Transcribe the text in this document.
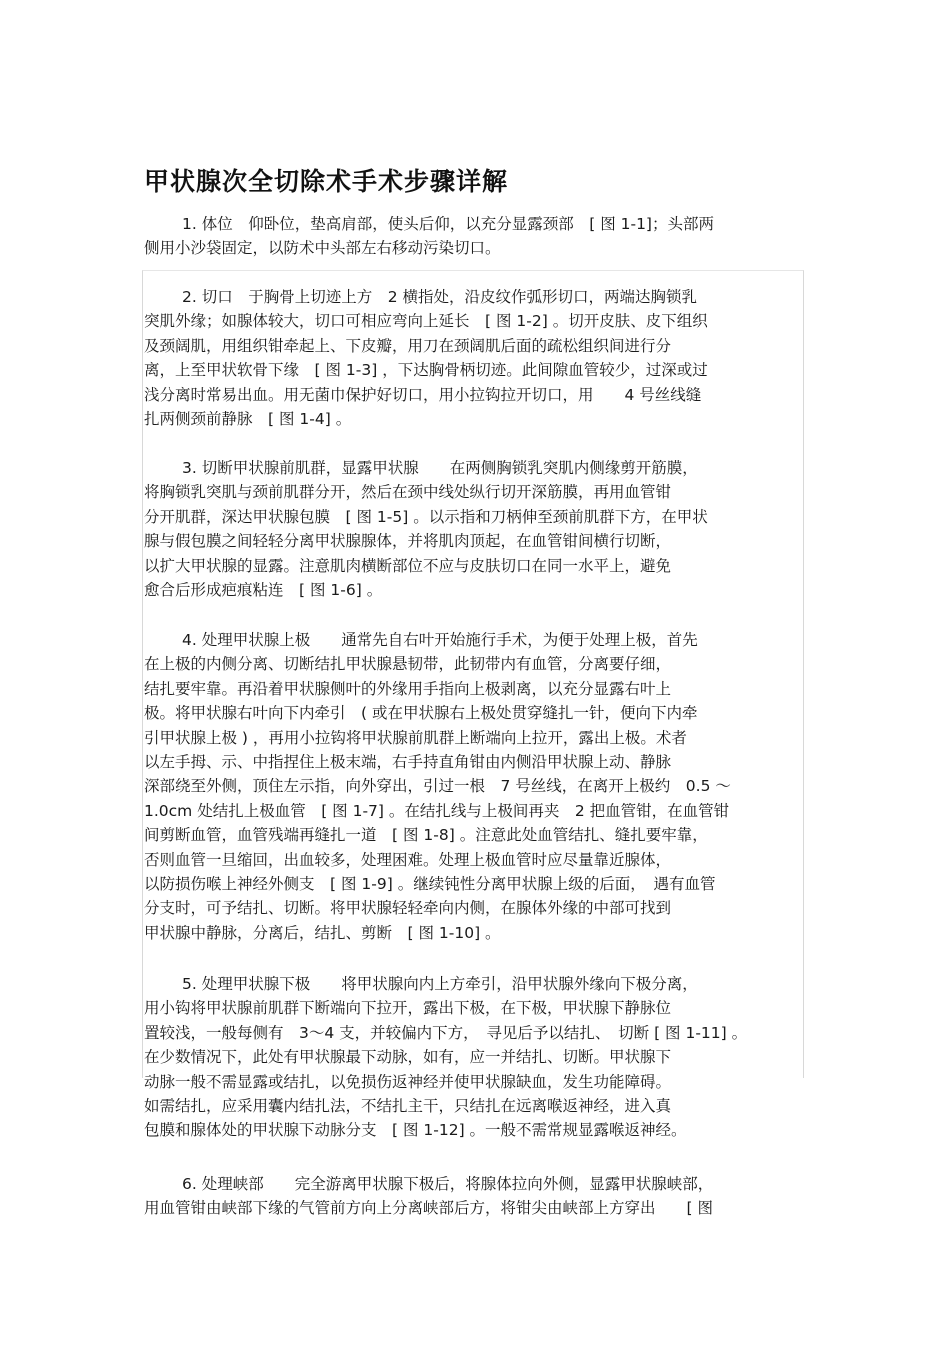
甲状腺次全切除术手术步骤详解
1. 体位　仰卧位，垫高肩部，使头后仰，以充分显露颈部　[ 图 1-1]；头部两
侧用小沙袋固定，以防术中头部左右移动污染切口。
2. 切口　于胸骨上切迹上方　2 横指处，沿皮纹作弧形切口，两端达胸锁乳
突肌外缘；如腺体较大，切口可相应弯向上延长　[ 图 1-2] 。切开皮肤、皮下组织
及颈阔肌，用组织钳牵起上、下皮瓣，用刀在颈阔肌后面的疏松组织间进行分
离，上至甲状软骨下缘　[ 图 1-3] ，下达胸骨柄切迹。此间隙血管较少，过深或过
浅分离时常易出血。用无菌巾保护好切口，用小拉钩拉开切口，用　　4 号丝线缝
扎两侧颈前静脉　[ 图 1-4] 。
3. 切断甲状腺前肌群，显露甲状腺　　在两侧胸锁乳突肌内侧缘剪开筋膜，
将胸锁乳突肌与颈前肌群分开，然后在颈中线处纵行切开深筋膜，再用血管钳
分开肌群，深达甲状腺包膜　[ 图 1-5] 。以示指和刀柄伸至颈前肌群下方，在甲状
腺与假包膜之间轻轻分离甲状腺腺体，并将肌肉顶起，在血管钳间横行切断，
以扩大甲状腺的显露。注意肌肉横断部位不应与皮肤切口在同一水平上，避免
愈合后形成疤痕粘连　[ 图 1-6] 。
4. 处理甲状腺上极　　通常先自右叶开始施行手术，为便于处理上极，首先
在上极的内侧分离、切断结扎甲状腺悬韧带，此韧带内有血管，分离要仔细，
结扎要牢靠。再沿着甲状腺侧叶的外缘用手指向上极剥离，以充分显露右叶上
极。将甲状腺右叶向下内牵引　( 或在甲状腺右上极处贯穿缝扎一针，便向下内牵
引甲状腺上极 ) ，再用小拉钩将甲状腺前肌群上断端向上拉开，露出上极。术者
以左手拇、示、中指捏住上极末端，右手持直角钳由内侧沿甲状腺上动、静脉
深部绕至外侧，顶住左示指，向外穿出，引过一根　7 号丝线，在离开上极约　0.5 ～
1.0cm 处结扎上极血管　[ 图 1-7] 。在结扎线与上极间再夹　2 把血管钳，在血管钳
间剪断血管，血管残端再缝扎一道　[ 图 1-8] 。注意此处血管结扎、缝扎要牢靠，
否则血管一旦缩回，出血较多，处理困难。处理上极血管时应尽量靠近腺体，
以防损伤喉上神经外侧支　[ 图 1-9] 。继续钝性分离甲状腺上级的后面，　遇有血管
分支时，可予结扎、切断。将甲状腺轻轻牵向内侧，在腺体外缘的中部可找到
甲状腺中静脉，分离后，结扎、剪断　[ 图 1-10] 。
5. 处理甲状腺下极　　将甲状腺向内上方牵引，沿甲状腺外缘向下极分离，
用小钩将甲状腺前肌群下断端向下拉开，露出下极，在下极，甲状腺下静脉位
置较浅，一般每侧有　3～4 支，并较偏内下方，　寻见后予以结扎、　切断 [ 图 1-11] 。
在少数情况下，此处有甲状腺最下动脉，如有，应一并结扎、切断。甲状腺下
动脉一般不需显露或结扎，以免损伤返神经并使甲状腺缺血，发生功能障碍。
如需结扎，应采用囊内结扎法，不结扎主干，只结扎在远离喉返神经，进入真
包膜和腺体处的甲状腺下动脉分支　[ 图 1-12] 。一般不需常规显露喉返神经。
6. 处理峡部　　完全游离甲状腺下极后，将腺体拉向外侧，显露甲状腺峡部，
用血管钳由峡部下缘的气管前方向上分离峡部后方，将钳尖由峡部上方穿出　　[ 图
